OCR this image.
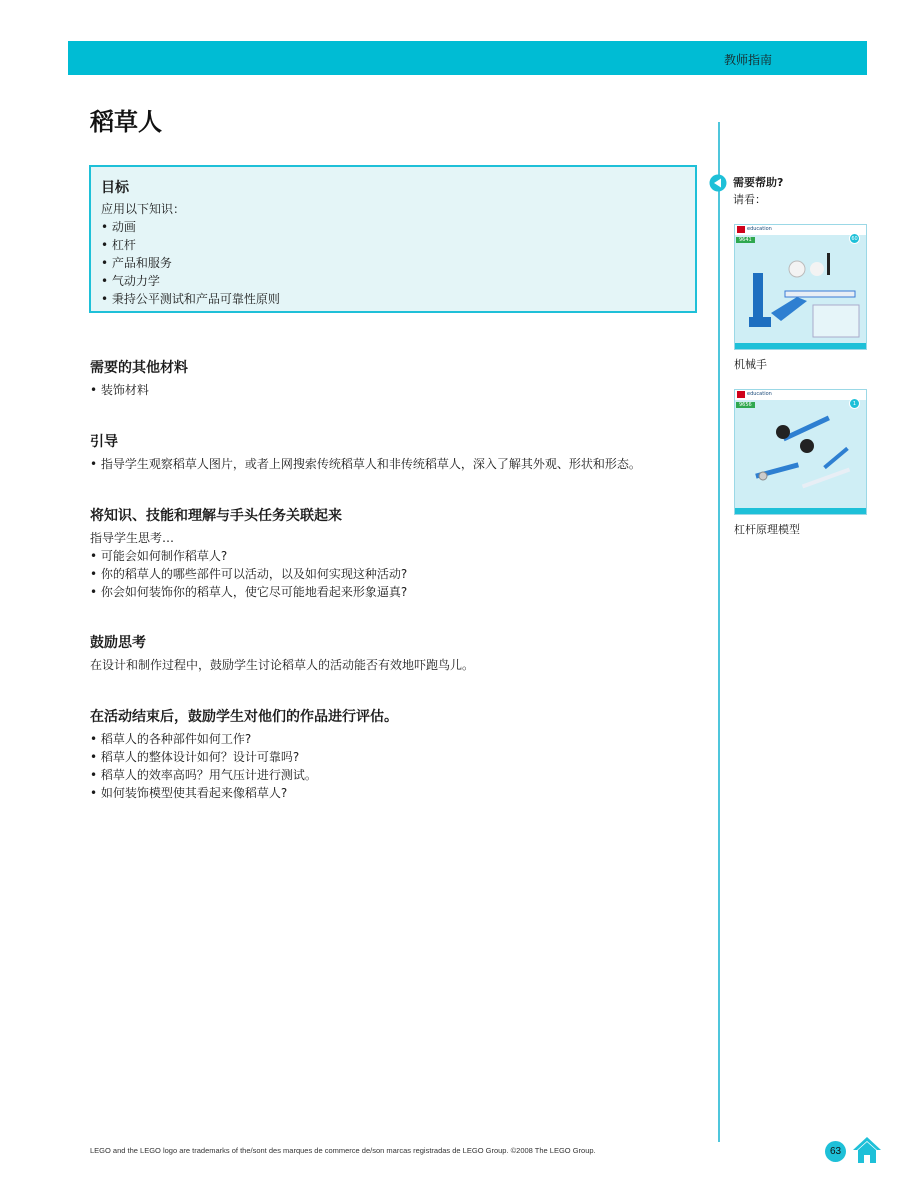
教师指南
稻草人
目标
应用以下知识：
• 动画
• 杠杆
• 产品和服务
• 气动力学
• 秉持公平测试和产品可靠性原则
需要的其他材料
• 装饰材料
引导
• 指导学生观察稻草人图片，或者上网搜索传统稻草人和非传统稻草人，深入了解其外观、形状和形态。
将知识、技能和理解与手头任务关联起来
指导学生思考…
• 可能会如何制作稻草人?
• 你的稻草人的哪些部件可以活动，以及如何实现这种活动?
• 你会如何装饰你的稻草人，使它尽可能地看起来形象逼真?
鼓励思考
在设计和制作过程中，鼓励学生讨论稻草人的活动能否有效地吓跑鸟儿。
在活动结束后，鼓励学生对他们的作品进行评估。
• 稻草人的各种部件如何工作?
• 稻草人的整体设计如何？设计可靠吗?
• 稻草人的效率高吗？用气压计进行测试。
• 如何装饰模型使其看起来像稻草人?
需要帮助?
请看：
education
9641	60
机械手
education
9656	1
杠杆原理模型
LEGO and the LEGO logo are trademarks of the/sont des marques de commerce de/son marcas registradas de LEGO Group. ©2008 The LEGO Group.	63
